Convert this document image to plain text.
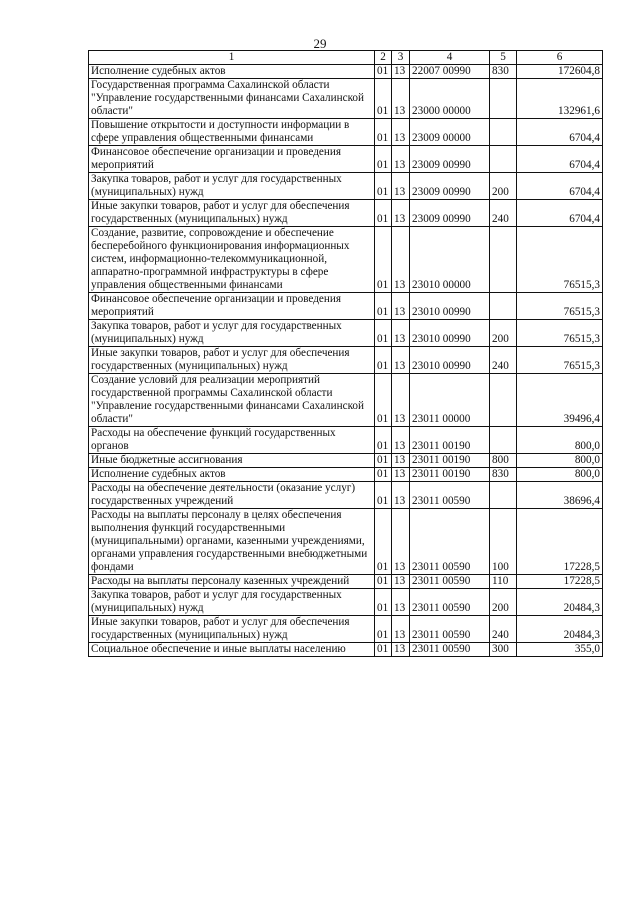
29
1	2	3	4	5	6
Исполнение судебных актов	01	13	22007 00990	830	172604,8
Государственная программа Сахалинской области "Управление государственными финансами Сахалинской области"	01	13	23000 00000		132961,6
Повышение открытости и доступности информации в сфере управления общественными финансами	01	13	23009 00000		6704,4
Финансовое обеспечение организации и проведения мероприятий	01	13	23009 00990		6704,4
Закупка товаров, работ и услуг для государственных (муниципальных) нужд	01	13	23009 00990	200	6704,4
Иные закупки товаров, работ и услуг для обеспечения государственных (муниципальных) нужд	01	13	23009 00990	240	6704,4
Создание, развитие, сопровождение и обеспечение бесперебойного функционирования информационных систем, информационно-телекоммуникационной, аппаратно-программной инфраструктуры в сфере управления общественными финансами	01	13	23010 00000		76515,3
Финансовое обеспечение организации и проведения мероприятий	01	13	23010 00990		76515,3
Закупка товаров, работ и услуг для государственных (муниципальных) нужд	01	13	23010 00990	200	76515,3
Иные закупки товаров, работ и услуг для обеспечения государственных (муниципальных) нужд	01	13	23010 00990	240	76515,3
Создание условий для реализации мероприятий государственной программы Сахалинской области "Управление государственными финансами Сахалинской области"	01	13	23011 00000		39496,4
Расходы на обеспечение функций государственных органов	01	13	23011 00190		800,0
Иные бюджетные ассигнования	01	13	23011 00190	800	800,0
Исполнение судебных актов	01	13	23011 00190	830	800,0
Расходы на обеспечение деятельности (оказание услуг) государственных учреждений	01	13	23011 00590		38696,4
Расходы на выплаты персоналу в целях обеспечения выполнения функций государственными (муниципальными) органами, казенными учреждениями, органами управления государственными внебюджетными фондами	01	13	23011 00590	100	17228,5
Расходы на выплаты персоналу казенных учреждений	01	13	23011 00590	110	17228,5
Закупка товаров, работ и услуг для государственных (муниципальных) нужд	01	13	23011 00590	200	20484,3
Иные закупки товаров, работ и услуг для обеспечения государственных (муниципальных) нужд	01	13	23011 00590	240	20484,3
Социальное обеспечение и иные выплаты населению	01	13	23011 00590	300	355,0
